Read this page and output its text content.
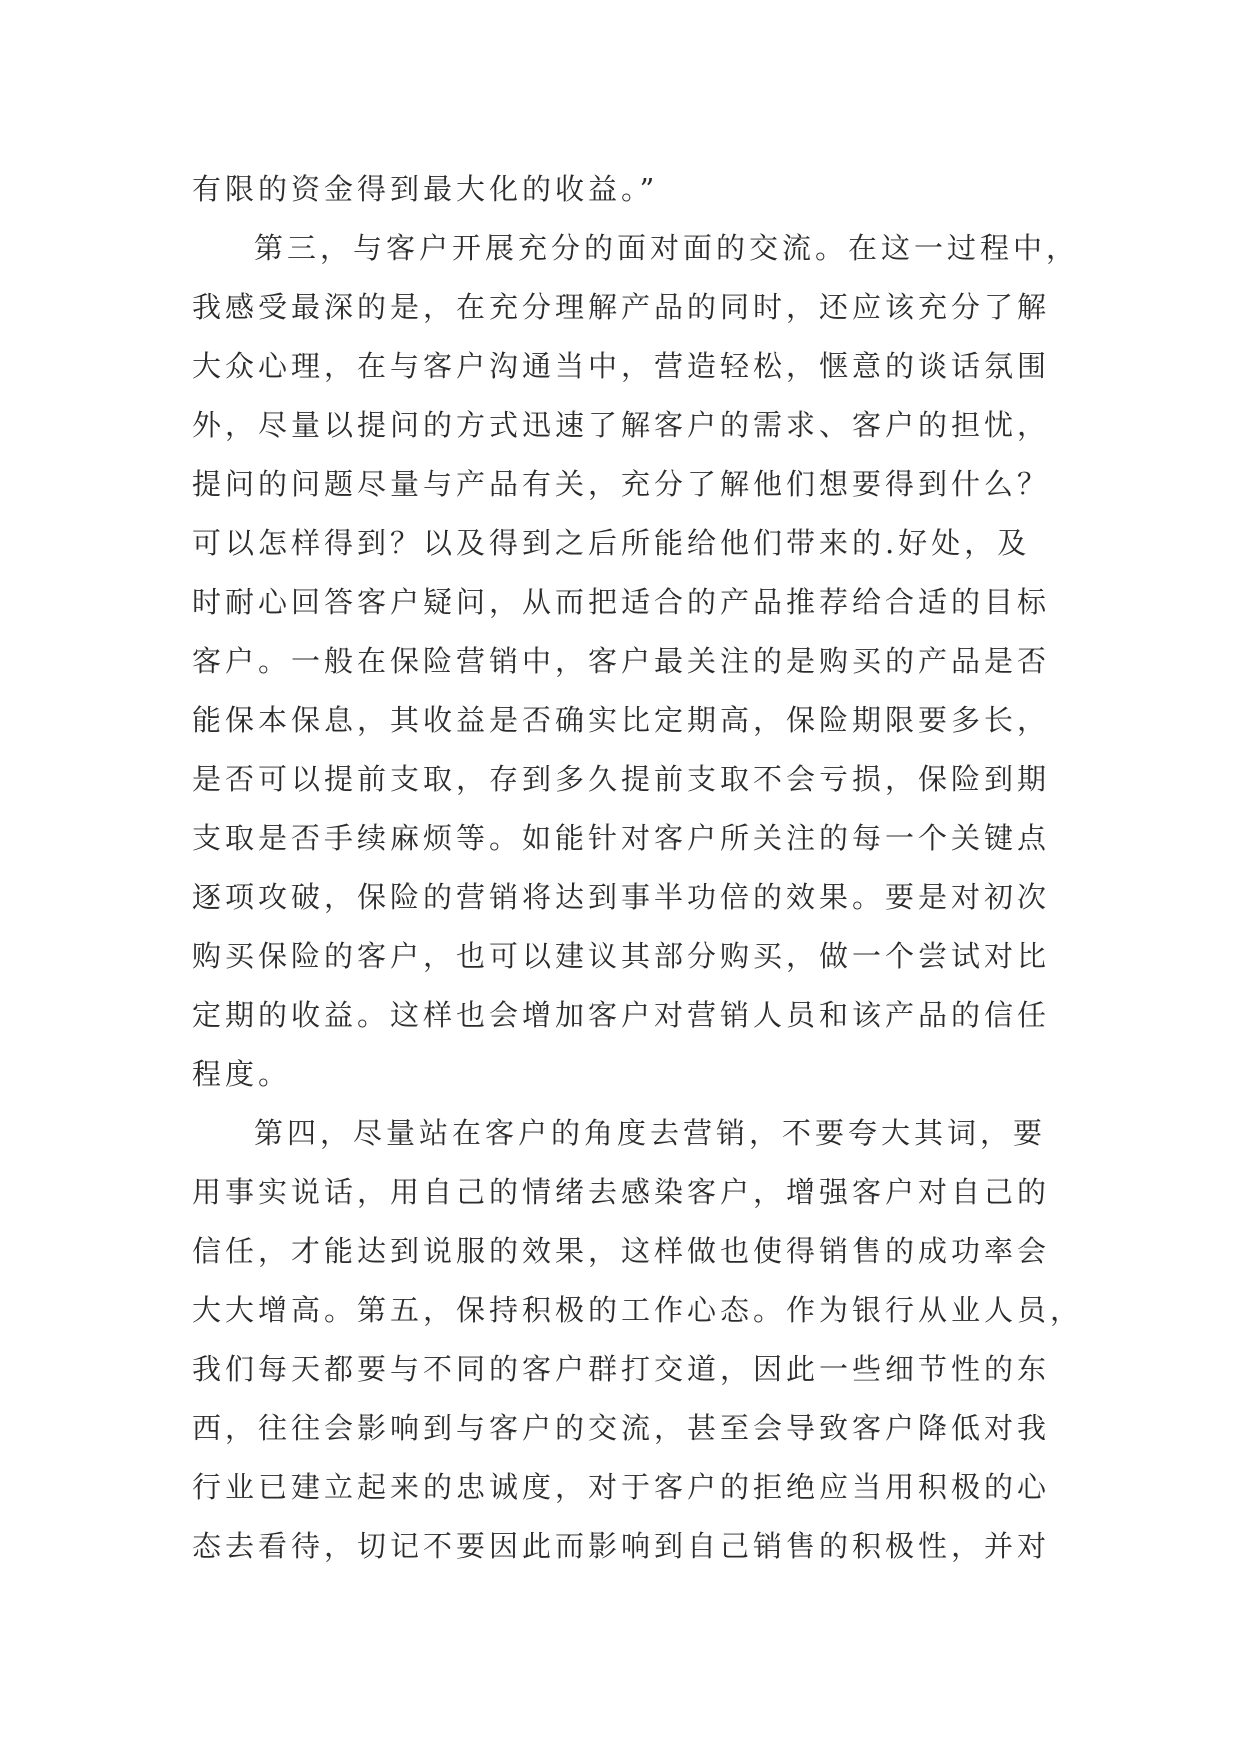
有限的资金得到最大化的收益。”
第三，与客户开展充分的面对面的交流。在这一过程中，
我感受最深的是，在充分理解产品的同时，还应该充分了解
大众心理，在与客户沟通当中，营造轻松，惬意的谈话氛围
外，尽量以提问的方式迅速了解客户的需求、客户的担忧，
提问的问题尽量与产品有关，充分了解他们想要得到什么？
可以怎样得到？以及得到之后所能给他们带来的.好处，及
时耐心回答客户疑问，从而把适合的产品推荐给合适的目标
客户。一般在保险营销中，客户最关注的是购买的产品是否
能保本保息，其收益是否确实比定期高，保险期限要多长，
是否可以提前支取，存到多久提前支取不会亏损，保险到期
支取是否手续麻烦等。如能针对客户所关注的每一个关键点
逐项攻破，保险的营销将达到事半功倍的效果。要是对初次
购买保险的客户，也可以建议其部分购买，做一个尝试对比
定期的收益。这样也会增加客户对营销人员和该产品的信任
程度。
第四，尽量站在客户的角度去营销，不要夸大其词，要
用事实说话，用自己的情绪去感染客户，增强客户对自己的
信任，才能达到说服的效果，这样做也使得销售的成功率会
大大增高。第五，保持积极的工作心态。作为银行从业人员，
我们每天都要与不同的客户群打交道，因此一些细节性的东
西，往往会影响到与客户的交流，甚至会导致客户降低对我
行业已建立起来的忠诚度，对于客户的拒绝应当用积极的心
态去看待，切记不要因此而影响到自己销售的积极性，并对
